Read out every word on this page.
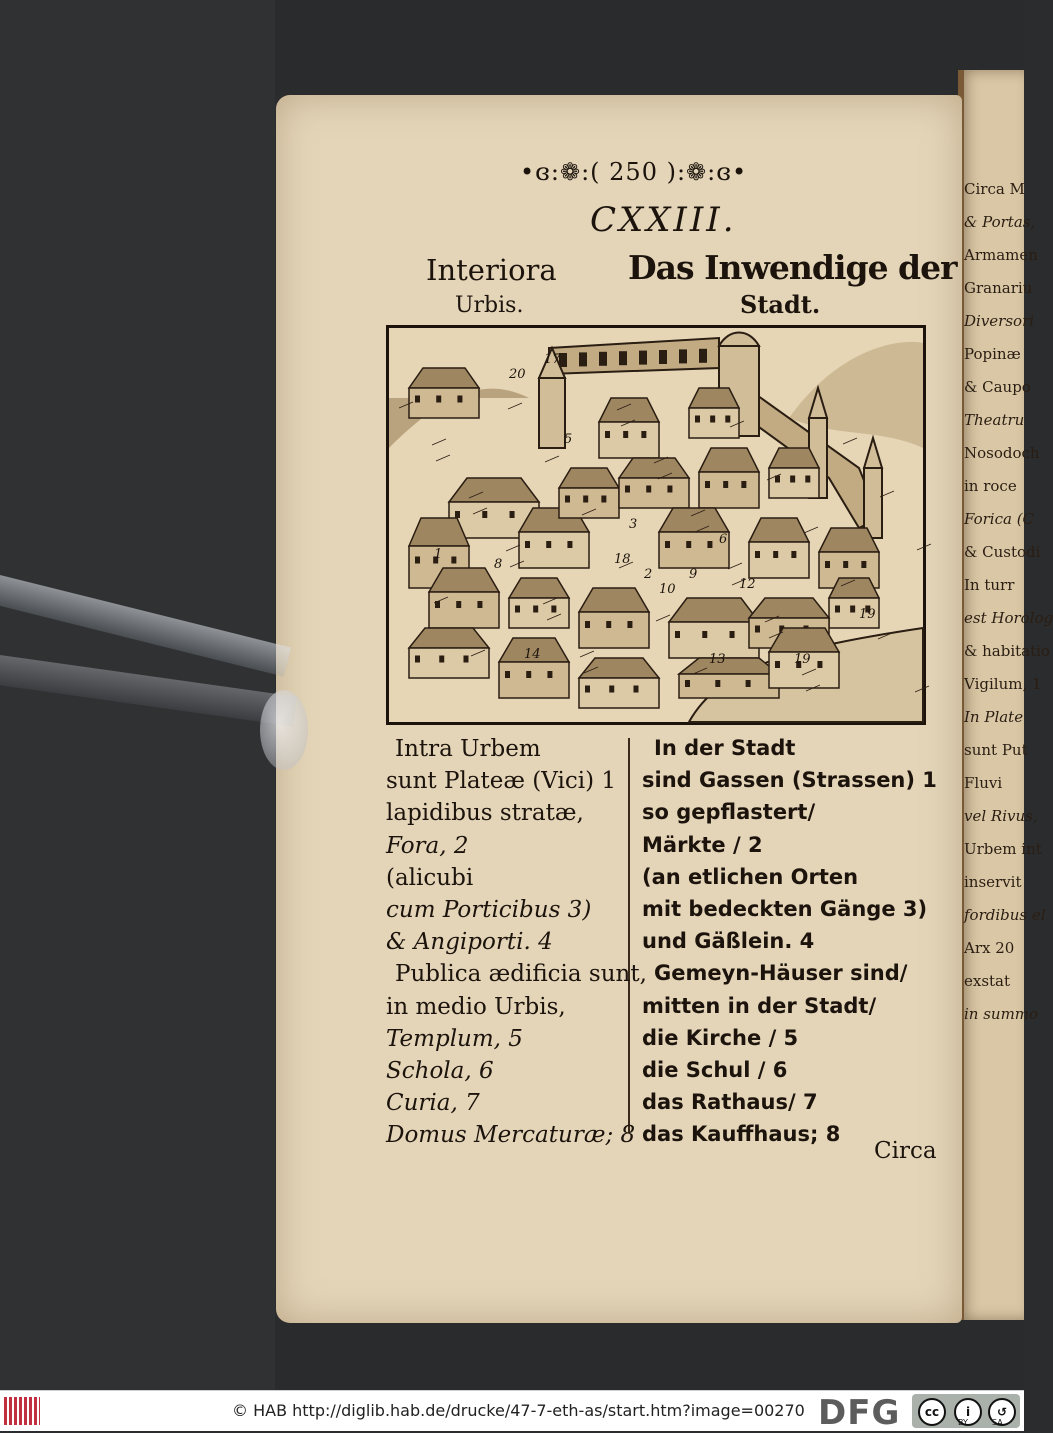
Circa M
& Portas,
Armamen
Granariu
Diversori
Popinæ
& Caupo
Theatru
Nosodoch
in roce
Forica (C
& Custodi
In turr
est Horolog
& habitatio
Vigilum, 1
In Plate
sunt Put
Fluvi
vel Rivus,
Urbem int
inservit
fordibus el
Arx 20
exstat
in summo
•ɞ:❁:( 250 ):❁:ɞ•
CXXIII.
Interiora
Urbis.
Das Inwendige der
Stadt.
20
17
5
3
1
8	18
2
6
9
10	12
14
19
13	19
Intra Urbem
sunt Plateæ (Vici) 1
lapidibus stratæ,
Fora, 2
(alicubi
cum Porticibus 3)
& Angiporti. 4
Publica ædificia sunt,
in medio Urbis,
Templum, 5
Schola, 6
Curia, 7
Domus Mercaturæ; 8
In der Stadt
sind Gassen (Strassen) 1
so gepflastert/
Märkte / 2
(an etlichen Orten
mit bedeckten Gänge 3)
und Gäßlein. 4
Gemeyn-Häuser sind/
mitten in der Stadt/
die Kirche / 5
die Schul / 6
das Rathaus/ 7
das Kauffhaus; 8
Circa
© HAB http://diglib.hab.de/drucke/47-7-eth-as/start.htm?image=00270 DFG	cc	i
BY
↺
SA
